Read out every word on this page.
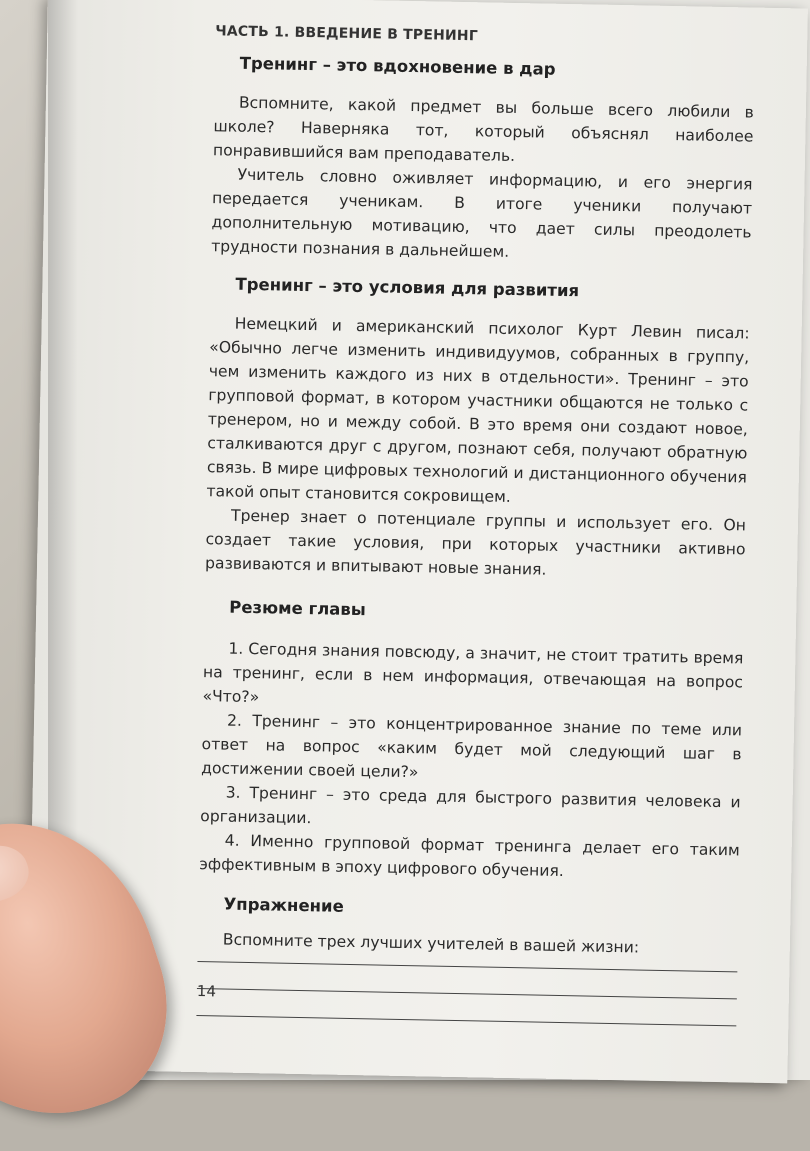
ЧАСТЬ 1. ВВЕДЕНИЕ В ТРЕНИНГ
Тренинг – это вдохновение в дар

Вспомните, какой предмет вы больше всего любили в школе? Наверняка тот, который объяснял наиболее понравившийся вам преподаватель.

Учитель словно оживляет информацию, и его энергия передается ученикам. В итоге ученики получают дополнительную мотивацию, что дает силы преодолеть трудности познания в дальнейшем.

Тренинг – это условия для развития

Немецкий и американский психолог Курт Левин писал: «Обычно легче изменить индивидуумов, собранных в группу, чем изменить каждого из них в отдельности». Тренинг – это групповой формат, в котором участники общаются не только с тренером, но и между собой. В это время они создают новое, сталкиваются друг с другом, познают себя, получают обратную связь. В мире цифровых технологий и дистанционного обучения такой опыт становится сокровищем.

Тренер знает о потенциале группы и использует его. Он создает такие условия, при которых участники активно развиваются и впитывают новые знания.

Резюме главы

1. Сегодня знания повсюду, а значит, не стоит тратить время на тренинг, если в нем информация, отвечающая на вопрос «Что?»

2. Тренинг – это концентрированное знание по теме или ответ на вопрос «каким будет мой следующий шаг в достижении своей цели?»

3. Тренинг – это среда для быстрого развития человека и организации.

4. Именно групповой формат тренинга делает его таким эффективным в эпоху цифрового обучения.

Упражнение

Вспомните трех лучших учителей в вашей жизни:

14
